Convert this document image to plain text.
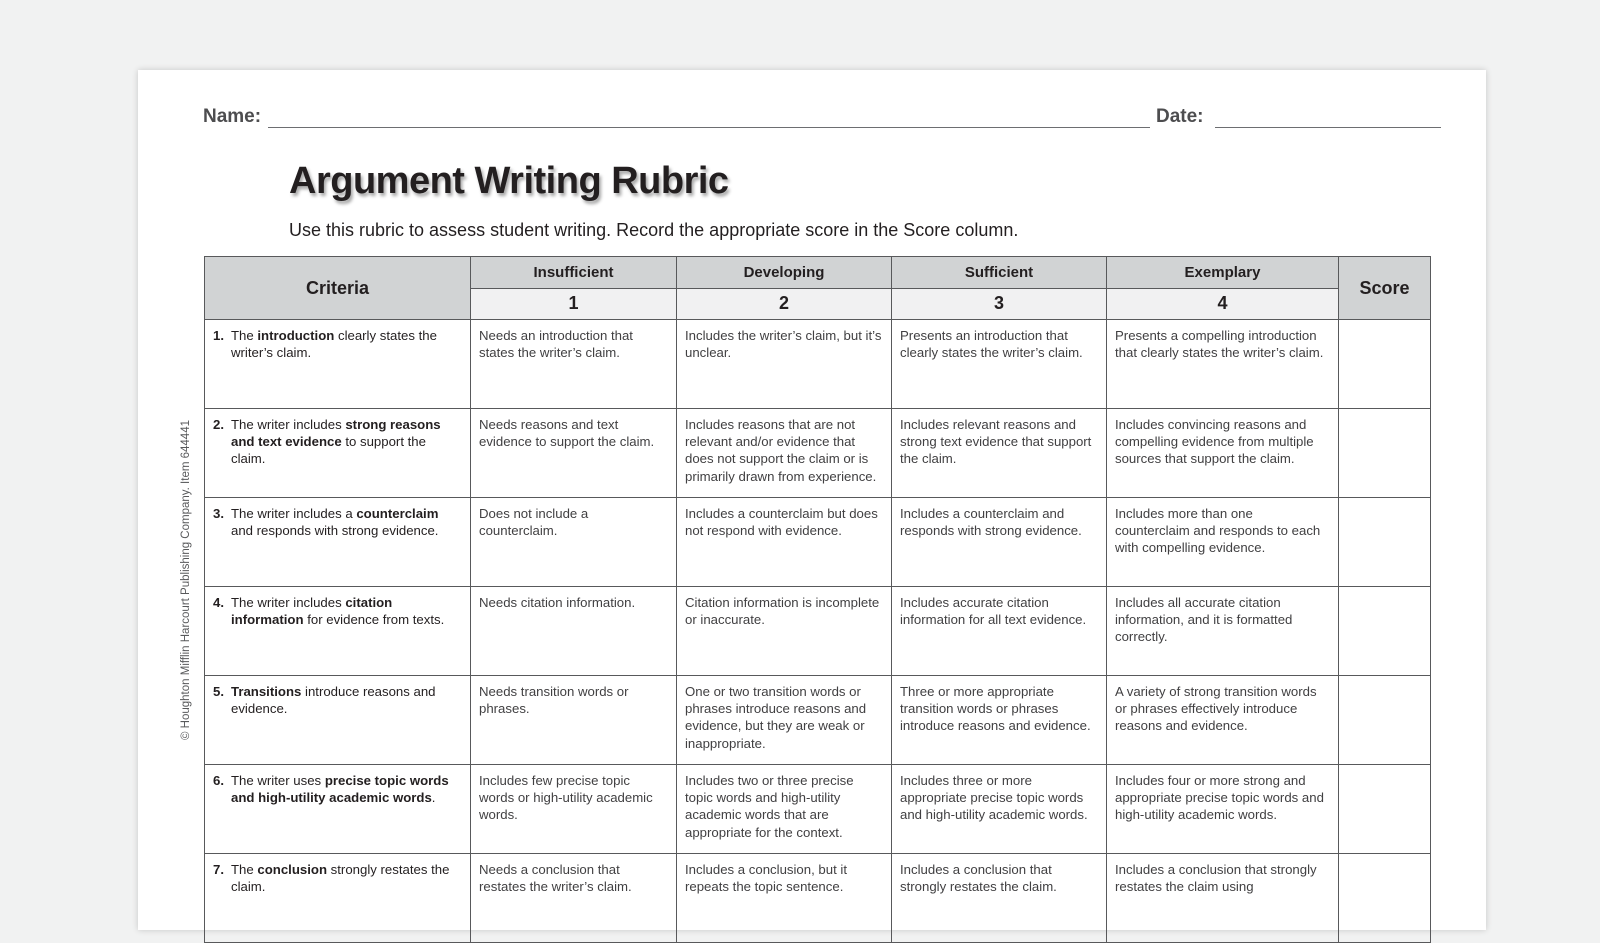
Name:	Date:
Argument Writing Rubric
Use this rubric to assess student writing. Record the appropriate score in the Score column.
© Houghton Mifflin Harcourt Publishing Company. Item 644441
Criteria	Insufficient	Developing	Sufficient	Exemplary	Score
	1	2	3	4	

1. The introduction clearly states the writer’s claim.	Needs an introduction that states the writer’s claim.	Includes the writer’s claim, but it’s unclear.	Presents an introduction that clearly states the writer’s claim.	Presents a compelling introduction that clearly states the writer’s claim.	

2. The writer includes strong reasons and text evidence to support the claim.	Needs reasons and text evidence to support the claim.	Includes reasons that are not relevant and/or evidence that does not support the claim or is primarily drawn from experience.	Includes relevant reasons and strong text evidence that support the claim.	Includes convincing reasons and compelling evidence from multiple sources that support the claim.	

3. The writer includes a counterclaim and responds with strong evidence.	Does not include a counterclaim.	Includes a counterclaim but does not respond with evidence.	Includes a counterclaim and responds with strong evidence.	Includes more than one counterclaim and responds to each with compelling evidence.	

4. The writer includes citation information for evidence from texts.	Needs citation information.	Citation information is incomplete or inaccurate.	Includes accurate citation information for all text evidence.	Includes all accurate citation information, and it is formatted correctly.	

5. Transitions introduce reasons and evidence.	Needs transition words or phrases.	One or two transition words or phrases introduce reasons and evidence, but they are weak or inappropriate.	Three or more appropriate transition words or phrases introduce reasons and evidence.	A variety of strong transition words or phrases effectively introduce reasons and evidence.	

6. The writer uses precise topic words and high-utility academic words.	Includes few precise topic words or high-utility academic words.	Includes two or three precise topic words and high-utility academic words that are appropriate for the context.	Includes three or more appropriate precise topic words and high-utility academic words.	Includes four or more strong and appropriate precise topic words and high-utility academic words.	

7. The conclusion strongly restates the claim.	Needs a conclusion that restates the writer’s claim.	Includes a conclusion, but it repeats the topic sentence.	Includes a conclusion that strongly restates the claim.	Includes a conclusion that strongly restates the claim using	
